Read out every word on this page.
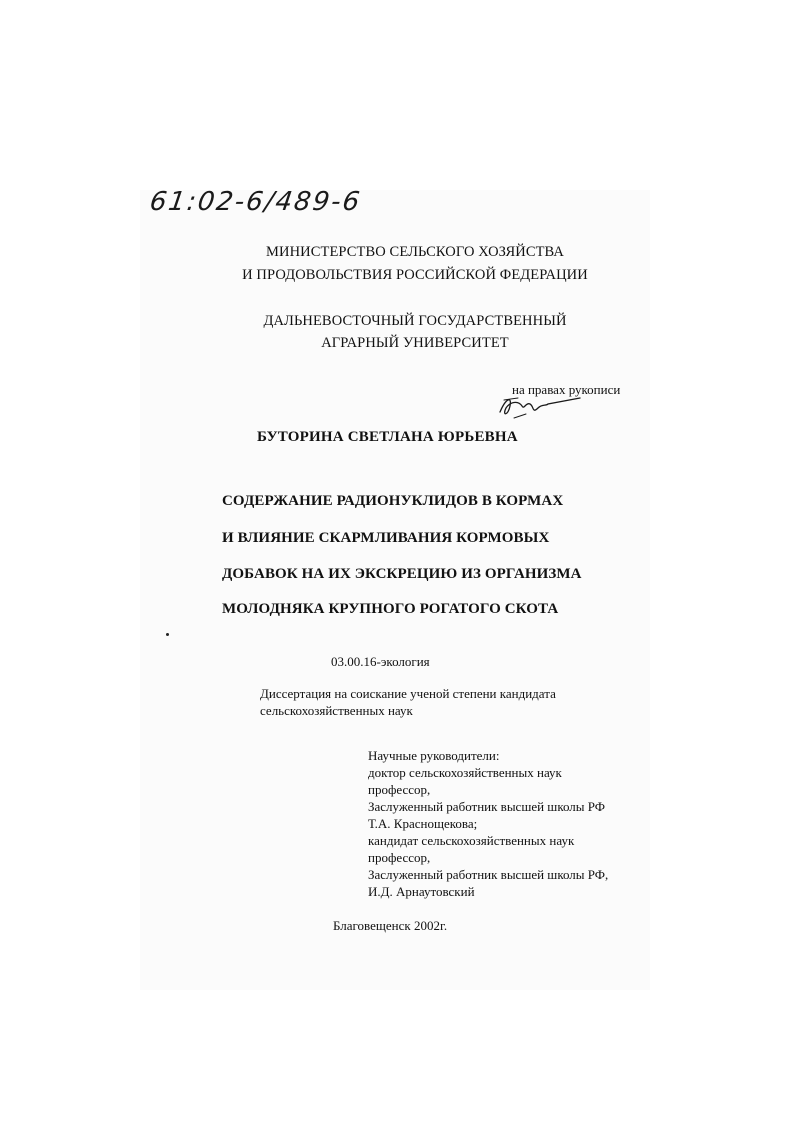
61:02-6/489-6
МИНИСТЕРСТВО СЕЛЬСКОГО ХОЗЯЙСТВА
И ПРОДОВОЛЬСТВИЯ РОССИЙСКОЙ ФЕДЕРАЦИИ
ДАЛЬНЕВОСТОЧНЫЙ ГОСУДАРСТВЕННЫЙ
АГРАРНЫЙ УНИВЕРСИТЕТ
на правах рукописи
БУТОРИНА СВЕТЛАНА ЮРЬЕВНА
СОДЕРЖАНИЕ РАДИОНУКЛИДОВ В КОРМАХ
И ВЛИЯНИЕ СКАРМЛИВАНИЯ КОРМОВЫХ
ДОБАВОК НА ИХ ЭКСКРЕЦИЮ ИЗ ОРГАНИЗМА
МОЛОДНЯКА КРУПНОГО РОГАТОГО СКОТА
03.00.16-экология
Диссертация на соискание ученой степени кандидата
сельскохозяйственных наук
Научные руководители:
доктор сельскохозяйственных наук
профессор,
Заслуженный работник высшей школы РФ
Т.А. Краснощекова;
кандидат сельскохозяйственных наук
профессор,
Заслуженный работник высшей школы РФ,
И.Д. Арнаутовский
Благовещенск 2002г.
